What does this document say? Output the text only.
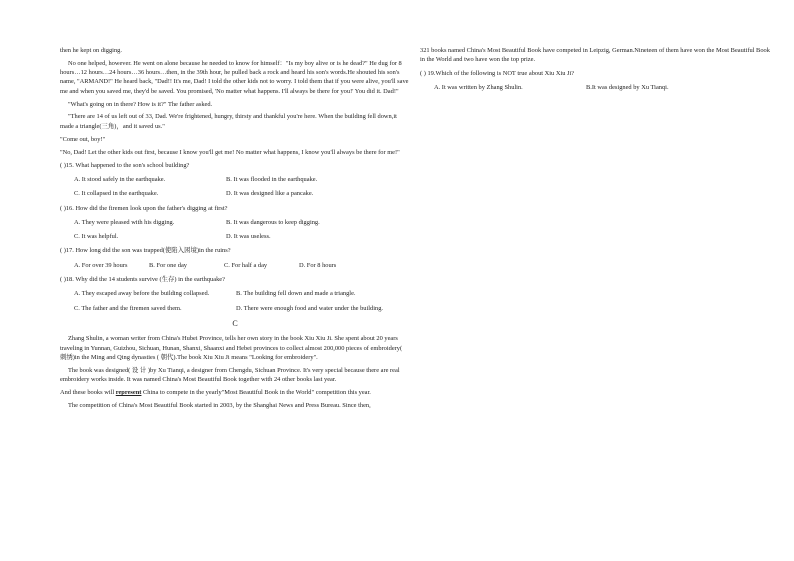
then he kept on digging.

No one helped, however. He went on alone because he needed to know for himself："Is my boy alive or is he dead?" He dug for 8 hours…12 hours…24 hours…36 hours…then, in the 39th hour, he pulled back a rock and heard his son's words.He shouted his son's name, "ARMAND!" He heard back, "Dad!! It's me, Dad! I told the other kids not to worry. I told them that if you were alive, you'll save me and when you saved me, they'd be saved. You promised, 'No matter what happens. I'll always be there for you!' You did it. Dad!"

"What's going on in there? How is it?" The father asked.

"There are 14 of us left out of 33, Dad. We're frightened, hungry, thirsty and thankful you're here. When the building fell down,it made a triangle(三角)，and it saved us."

"Come out, boy!"

"No, Dad! Let the other kids out first, because I know you'll get me! No matter what happens, I know you'll always be there for me!"

( )15. What happened to the son's school building?

A. It stood safely in the earthquake.	B. It was flooded in the earthquake.
C. It collapsed in the earthquake.	D. It was designed like a pancake.

( )16. How did the firemen look upon the father's digging at first?

A. They were pleased with his digging.	B. It was dangerous to keep digging.
C. It was helpful.	D. It was useless.

( )17. How long did the son was trapped(使陷入困境)in the ruins?

A. For over 39 hours	B. For one day	C. For half a day	D. For 8 hours

( )18. Why did the 14 students survive (生存) in the earthquake?

A. They escaped away before the building collapsed.	B. The building fell down and made a triangle.
C. The father and the firemen saved them.	D. There were enough food and water under the building.
C

Zhang Shulin, a woman writer from China's Hubei Province, tells her own story in the book Xiu Xiu Ji. She spent about 20 years traveling in Yunnan, Guizhou, Sichuan, Hunan, Shanxi, Shaanxi and Hebei provinces to collect almost 200,000 pieces of embroidery( 刺绣)in the Ming and Qing dynasties ( 朝代).The book Xiu Xiu Ji means "Looking for embroidery".

The book was designed( 设 计 )by Xu Tianqi, a designer from Chengdu, Sichuan Province. It's very special because there are real embroidery works inside. It was named China's Most Beautiful Book together with 24 other books last year.

And these books will represent China to compete in the yearly"Most Beautiful Book in the World" competition this year.

The competition of China's Most Beautiful Book started in 2003, by the Shanghai News and Press Bureau. Since then,

321 books named China's Most Beautiful Book have competed in Leipzig, German.Nineteen of them have won the Most Beautiful Book in the World and two have won the top prize.

( ) 19.Which of the following is NOT true about Xiu Xiu Ji?

A. It was written by Zhang Shulin.	B.It was designed by Xu Tianqi.
